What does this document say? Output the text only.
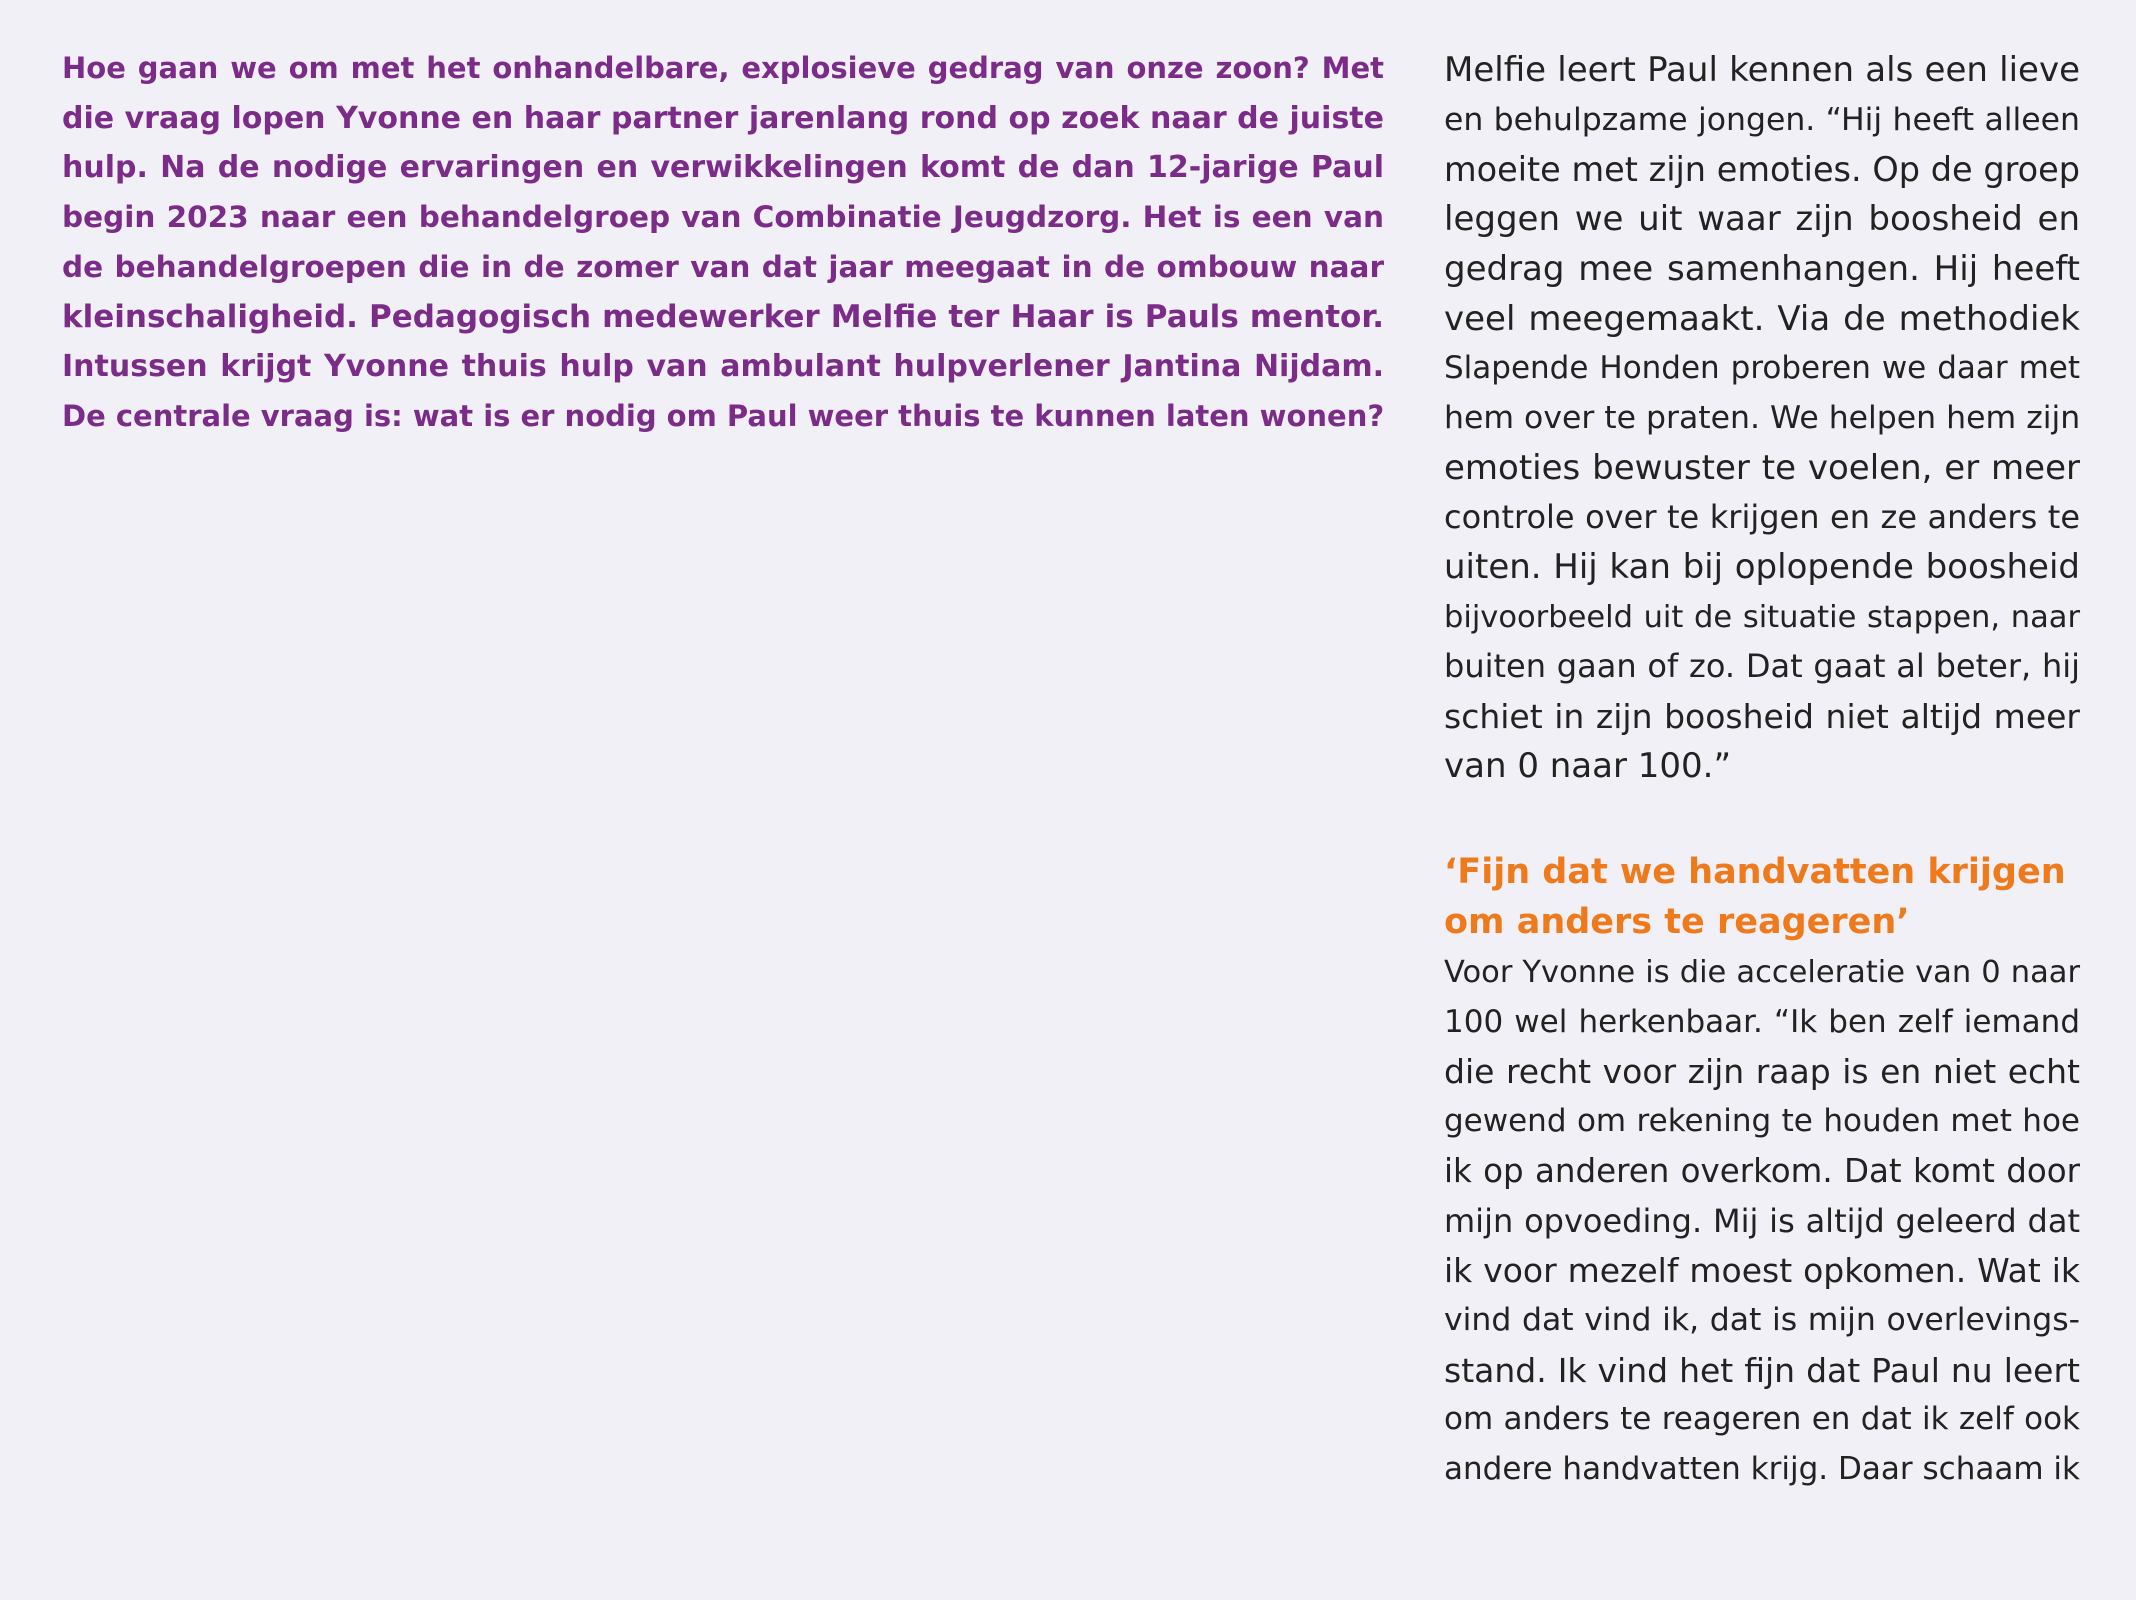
Hoe gaan we om met het onhandelbare, explosieve gedrag van onze zoon? Met
die vraag lopen Yvonne en haar partner jarenlang rond op zoek naar de juiste
hulp. Na de nodige ervaringen en verwikkelingen komt de dan 12-jarige Paul
begin 2023 naar een behandelgroep van Combinatie Jeugdzorg. Het is een van
de behandelgroepen die in de zomer van dat jaar meegaat in de ombouw naar
kleinschaligheid. Pedagogisch medewerker Melfie ter Haar is Pauls mentor.
Intussen krijgt Yvonne thuis hulp van ambulant hulpverlener Jantina Nijdam.
De centrale vraag is: wat is er nodig om Paul weer thuis te kunnen laten wonen?
Melfie leert Paul kennen als een lieve
en behulpzame jongen. “Hij heeft alleen
moeite met zijn emoties. Op de groep
leggen we uit waar zijn boosheid en
gedrag mee samenhangen. Hij heeft
veel meegemaakt. Via de methodiek
Slapende Honden proberen we daar met
hem over te praten. We helpen hem zijn
emoties bewuster te voelen, er meer
controle over te krijgen en ze anders te
uiten. Hij kan bij oplopende boosheid
bijvoorbeeld uit de situatie stappen, naar
buiten gaan of zo. Dat gaat al beter, hij
schiet in zijn boosheid niet altijd meer
van 0 naar 100.”
‘Fijn dat we handvatten krijgen
om anders te reageren’
Voor Yvonne is die acceleratie van 0 naar
100 wel herkenbaar. “Ik ben zelf iemand
die recht voor zijn raap is en niet echt
gewend om rekening te houden met hoe
ik op anderen overkom. Dat komt door
mijn opvoeding. Mij is altijd geleerd dat
ik voor mezelf moest opkomen. Wat ik
vind dat vind ik, dat is mijn overlevings-
stand. Ik vind het fijn dat Paul nu leert
om anders te reageren en dat ik zelf ook
andere handvatten krijg. Daar schaam ik
